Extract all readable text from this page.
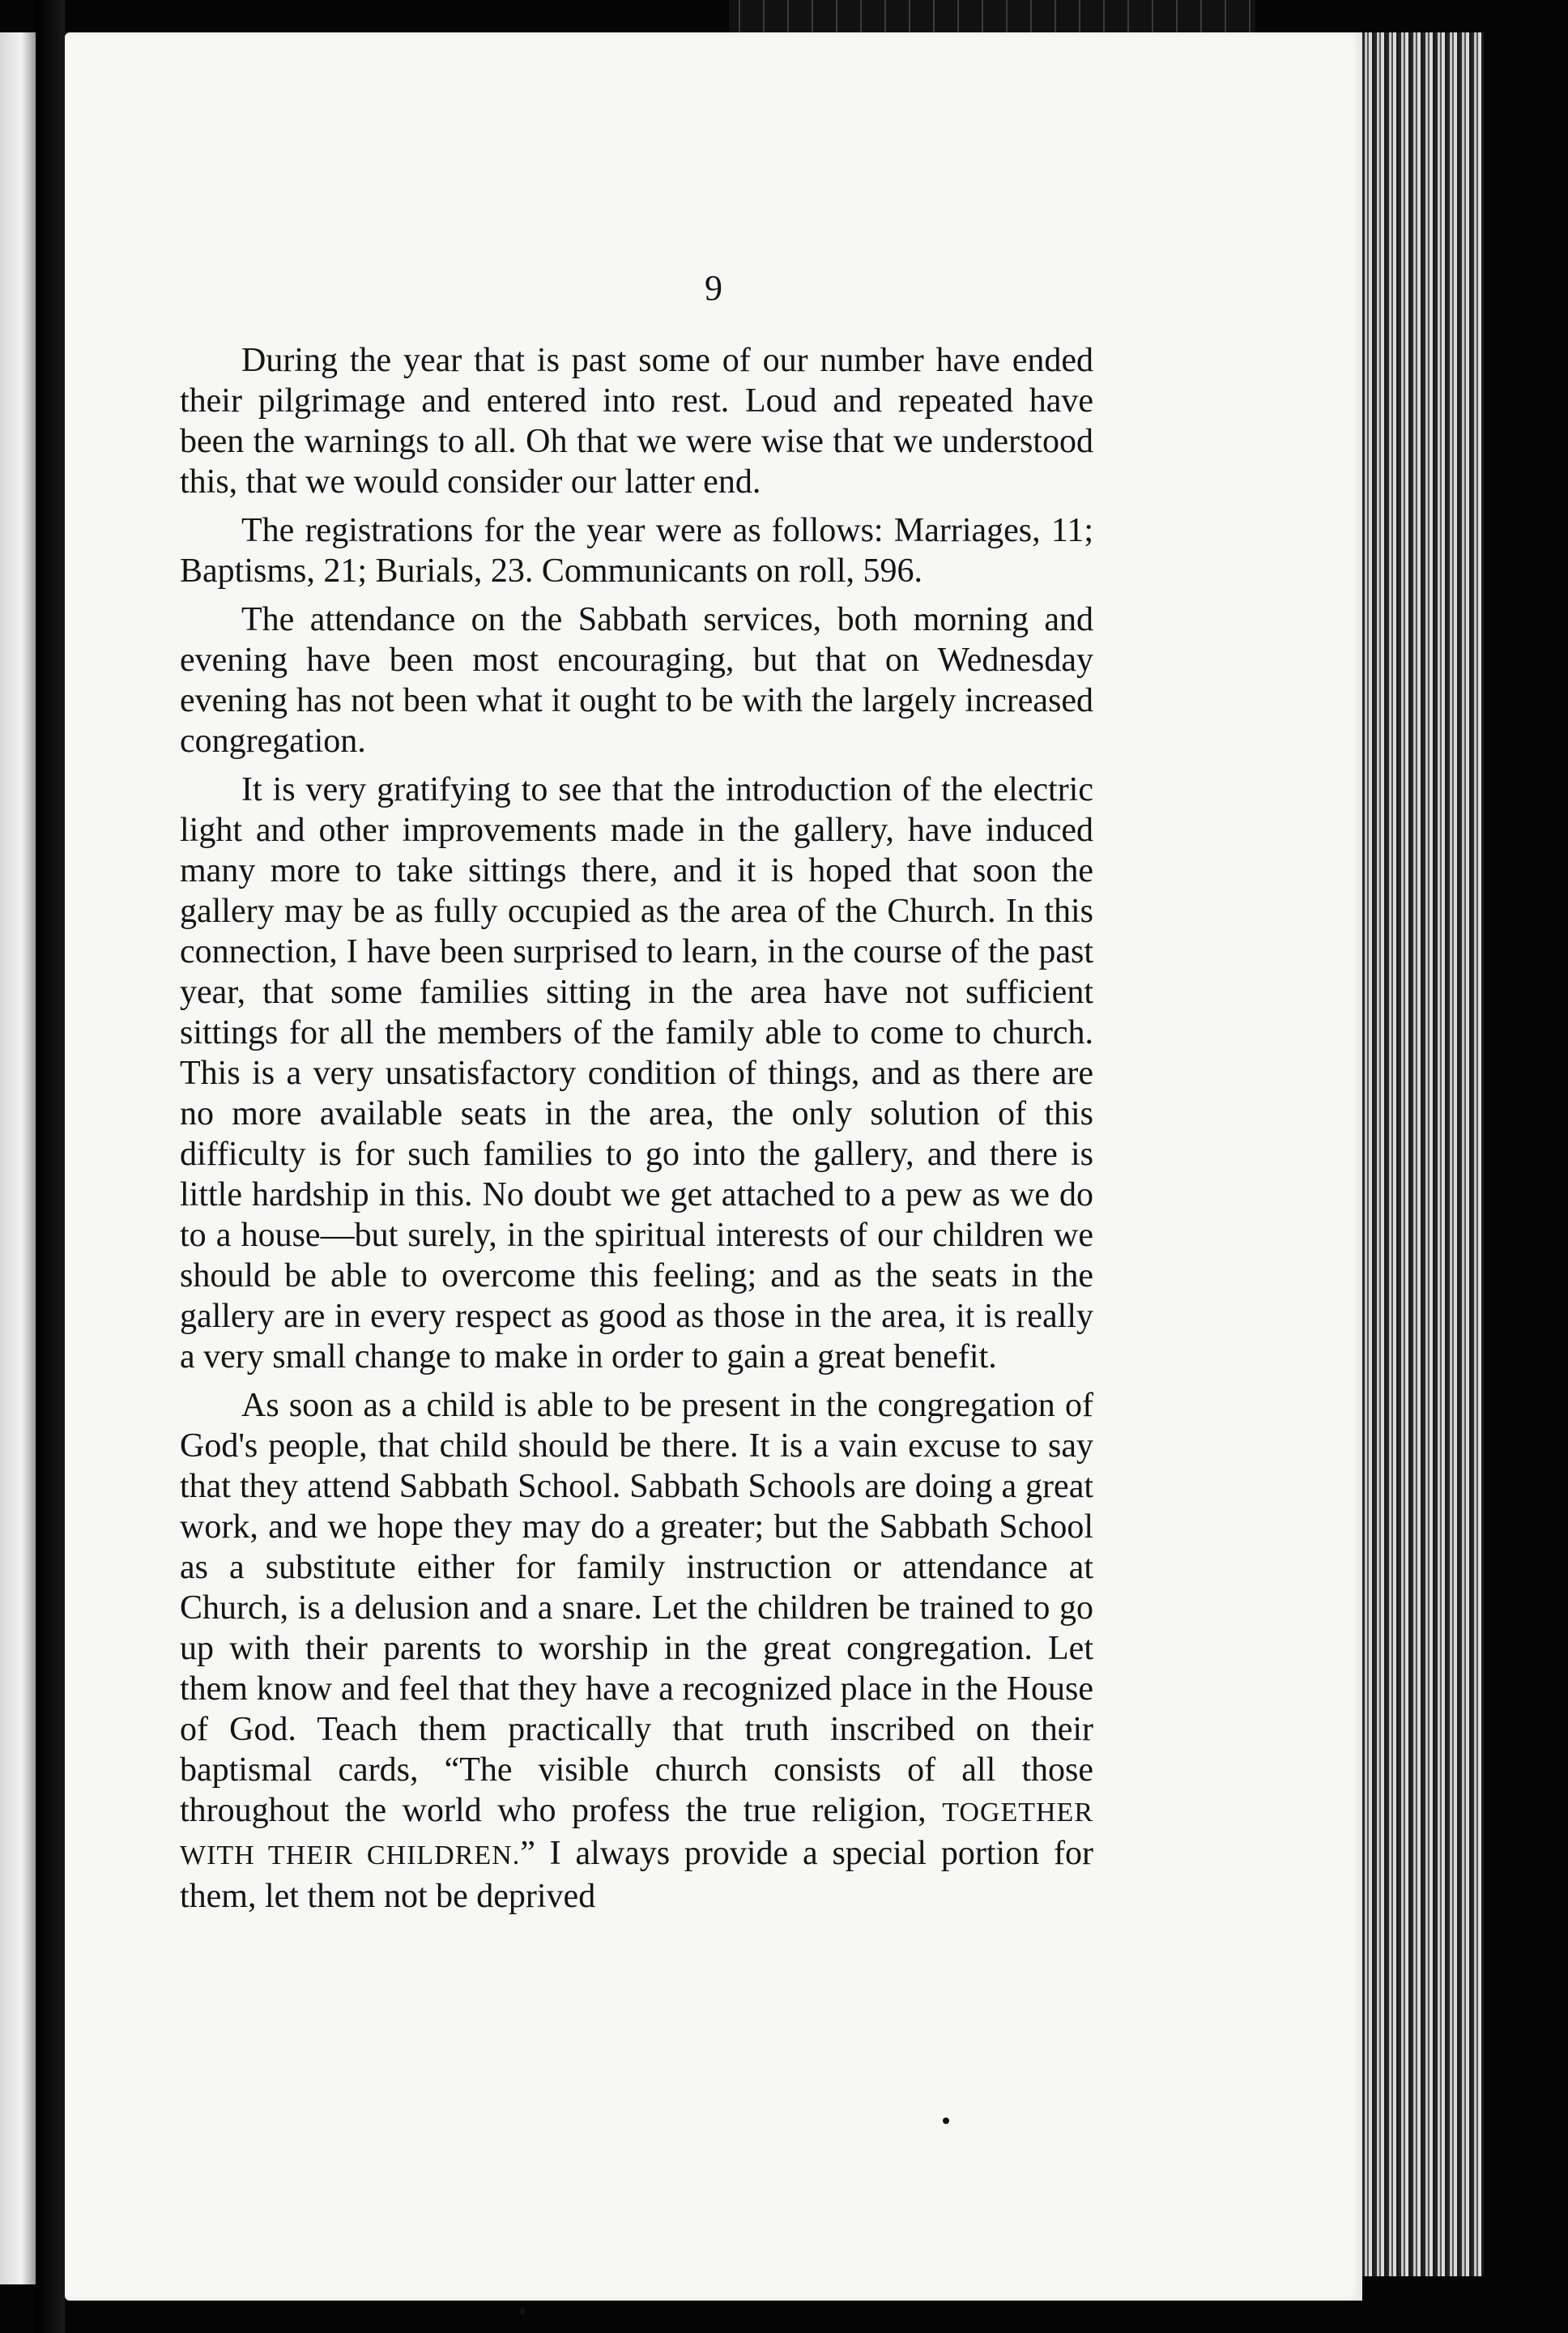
9

During the year that is past some of our number have ended their pilgrimage and entered into rest. Loud and repeated have been the warnings to all. Oh that we were wise that we understood this, that we would consider our latter end.

The registrations for the year were as follows: Marriages, 11; Baptisms, 21; Burials, 23. Communicants on roll, 596.

The attendance on the Sabbath services, both morning and evening have been most encouraging, but that on Wednesday evening has not been what it ought to be with the largely increased congregation.

It is very gratifying to see that the introduction of the electric light and other improvements made in the gallery, have induced many more to take sittings there, and it is hoped that soon the gallery may be as fully occupied as the area of the Church. In this connection, I have been surprised to learn, in the course of the past year, that some families sitting in the area have not sufficient sittings for all the members of the family able to come to church. This is a very unsatisfactory condition of things, and as there are no more available seats in the area, the only solution of this difficulty is for such families to go into the gallery, and there is little hardship in this. No doubt we get attached to a pew as we do to a house—but surely, in the spiritual interests of our children we should be able to overcome this feeling; and as the seats in the gallery are in every respect as good as those in the area, it is really a very small change to make in order to gain a great benefit.

As soon as a child is able to be present in the congregation of God's people, that child should be there. It is a vain excuse to say that they attend Sabbath School. Sabbath Schools are doing a great work, and we hope they may do a greater; but the Sabbath School as a substitute either for family instruction or attendance at Church, is a delusion and a snare. Let the children be trained to go up with their parents to worship in the great congregation. Let them know and feel that they have a recognized place in the House of God. Teach them practically that truth inscribed on their baptismal cards, “The visible church consists of all those throughout the world who profess the true religion, TOGETHER WITH THEIR CHILDREN.” I always provide a special portion for them, let them not be deprived
